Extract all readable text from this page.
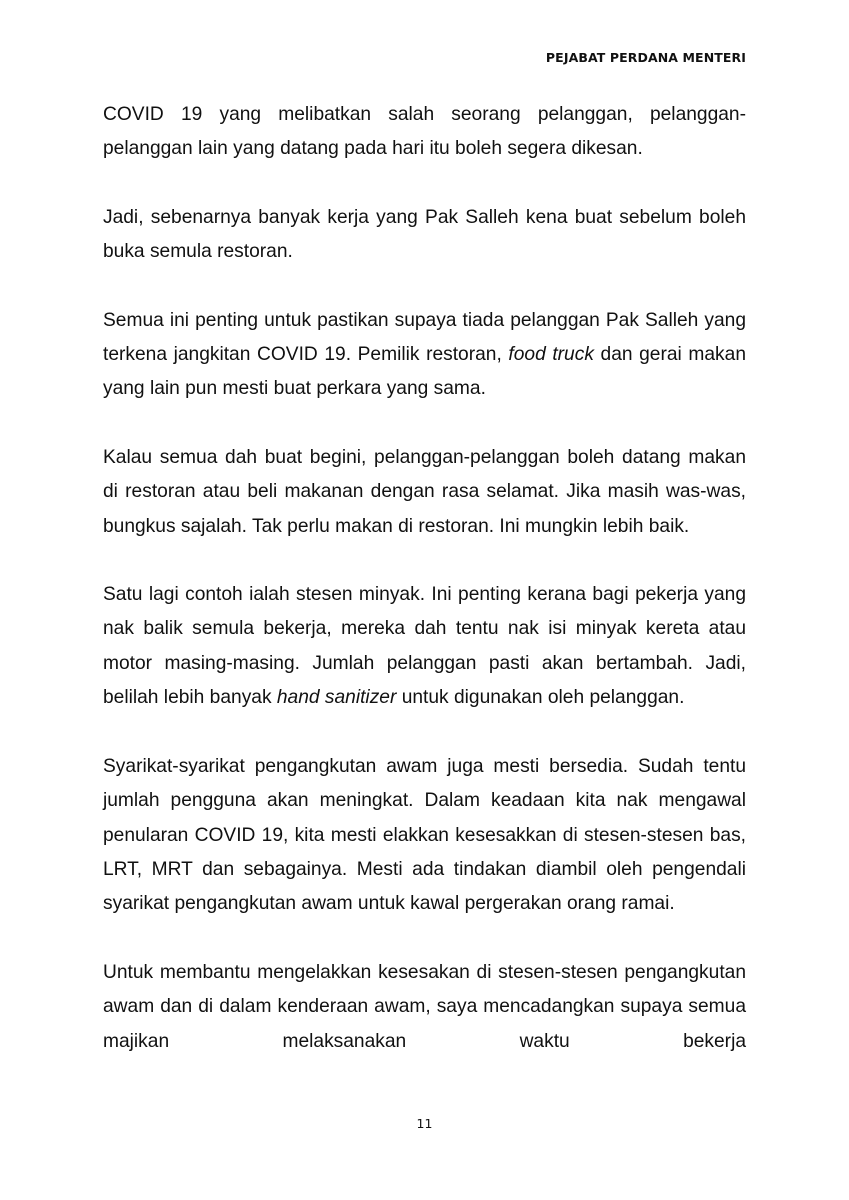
PEJABAT PERDANA MENTERI

COVID 19 yang melibatkan salah seorang pelanggan, pelanggan-pelanggan lain yang datang pada hari itu boleh segera dikesan.

Jadi, sebenarnya banyak kerja yang Pak Salleh kena buat sebelum boleh buka semula restoran.

Semua ini penting untuk pastikan supaya tiada pelanggan Pak Salleh yang terkena jangkitan COVID 19. Pemilik restoran, food truck dan gerai makan yang lain pun mesti buat perkara yang sama.

Kalau semua dah buat begini, pelanggan-pelanggan boleh datang makan di restoran atau beli makanan dengan rasa selamat. Jika masih was-was, bungkus sajalah. Tak perlu makan di restoran. Ini mungkin lebih baik.

Satu lagi contoh ialah stesen minyak. Ini penting kerana bagi pekerja yang nak balik semula bekerja, mereka dah tentu nak isi minyak kereta atau motor masing-masing. Jumlah pelanggan pasti akan bertambah. Jadi, belilah lebih banyak hand sanitizer untuk digunakan oleh pelanggan.

Syarikat-syarikat pengangkutan awam juga mesti bersedia. Sudah tentu jumlah pengguna akan meningkat. Dalam keadaan kita nak mengawal penularan COVID 19, kita mesti elakkan kesesakkan di stesen-stesen bas, LRT, MRT dan sebagainya. Mesti ada tindakan diambil oleh pengendali syarikat pengangkutan awam untuk kawal pergerakan orang ramai.

Untuk membantu mengelakkan kesesakan di stesen-stesen pengangkutan awam dan di dalam kenderaan awam, saya mencadangkan supaya semua majikan melaksanakan waktu bekerja

11
